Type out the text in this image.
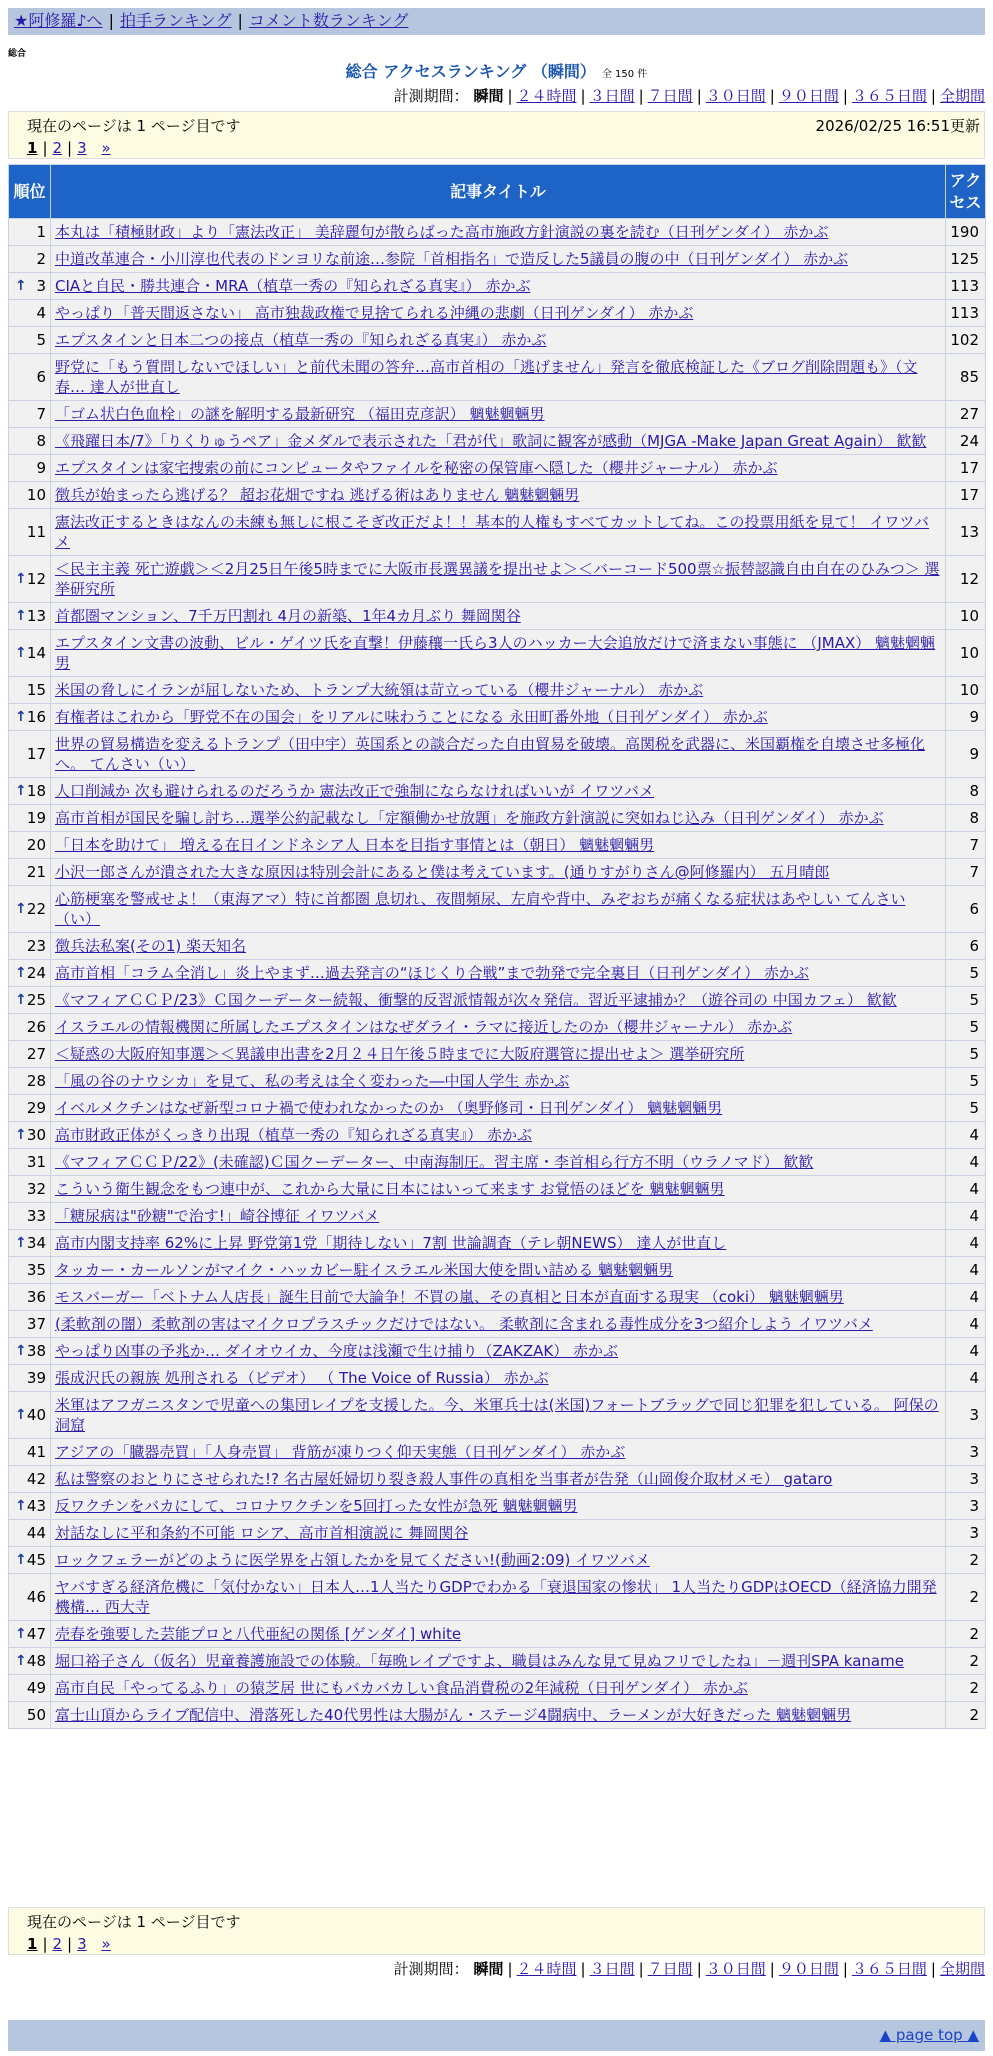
★阿修羅♪へ | 拍手ランキング | コメント数ランキング
総合
総合 アクセスランキング （瞬間） 全 150 件
計測期間： 瞬間 | ２４時間 | ３日間 | ７日間 | ３０日間 | ９０日間 | ３６５日間 | 全期間
現在のページは 1 ページ目です	2026/02/25 16:51更新
1 | 2 | 3 »
順位	記事タイトル	アクセス
1	本丸は「積極財政」より「憲法改正」 美辞麗句が散らばった高市施政方針演説の裏を読む（日刊ゲンダイ） 赤かぶ	190
2	中道改革連合・小川淳也代表のドンヨリな前途…参院「首相指名」で造反した5議員の腹の中（日刊ゲンダイ） 赤かぶ	125

↑ 3	CIAと自民・勝共連合・MRA（植草一秀の『知られざる真実』） 赤かぶ	113
4	やっぱり「普天間返さない」 高市独裁政権で見捨てられる沖縄の悲劇（日刊ゲンダイ） 赤かぶ	113
5	エプスタインと日本二つの接点（植草一秀の『知られざる真実』） 赤かぶ	102
6	野党に「もう質問しないでほしい」と前代未聞の答弁…高市首相の「逃げません」発言を徹底検証した《ブログ削除問題も》（文春… 達人が世直し	85
7	「ゴム状白色血栓」の謎を解明する最新研究 （福田克彦訳） 魑魅魍魎男	27
8	《飛躍日本/7》「りくりゅうペア」金メダルで表示された「君が代」歌詞に観客が感動（MJGA -Make Japan Great Again） 歓歓	24
9	エプスタインは家宅捜索の前にコンピュータやファイルを秘密の保管庫へ隠した（櫻井ジャーナル） 赤かぶ	17
10	徴兵が始まったら逃げる？ 超お花畑ですね 逃げる術はありません 魑魅魍魎男	17
11	憲法改正するときはなんの未練も無しに根こそぎ改正だよ！！基本的人権もすべてカットしてね。この投票用紙を見て！ イワツバメ	13

↑ 12	＜民主主義 死亡遊戯＞＜2月25日午後5時までに大阪市長選異議を提出せよ＞＜バーコード500票☆振替認識自由自在のひみつ＞ 選挙研究所	12

↑ 13	首都圏マンション、7千万円割れ 4月の新築、1年4カ月ぶり 舞岡関谷	10

↑ 14	エプスタイン文書の波動、ビル・ゲイツ氏を直撃！伊藤穰一氏ら3人のハッカー大会追放だけで済まない事態に （JMAX） 魑魅魍魎男	10
15	米国の脅しにイランが屈しないため、トランプ大統領は苛立っている（櫻井ジャーナル） 赤かぶ	10

↑ 16	有権者はこれから「野党不在の国会」をリアルに味わうことになる 永田町番外地（日刊ゲンダイ） 赤かぶ	9
17	世界の貿易構造を変えるトランプ（田中宇）英国系との談合だった自由貿易を破壊。高関税を武器に、米国覇権を自壊させ多極化へ。 てんさい（い）	9

↑ 18	人口削減か 次も避けられるのだろうか 憲法改正で強制にならなければいいが イワツバメ	8
19	高市首相が国民を騙し討ち…選挙公約記載なし「定額働かせ放題」を施政方針演説に突如ねじ込み（日刊ゲンダイ） 赤かぶ	8
20	「日本を助けて」 増える在日インドネシア人 日本を目指す事情とは（朝日） 魑魅魍魎男	7
21	小沢一郎さんが潰された大きな原因は特別会計にあると僕は考えています。(通りすがりさん@阿修羅内） 五月晴郎	7

↑ 22	心筋梗塞を警戒せよ！（東海アマ）特に首都圏 息切れ、夜間頻尿、左肩や背中、みぞおちが痛くなる症状はあやしい てんさい（い）	6
23	徴兵法私案(その1) 楽天知名	6

↑ 24	高市首相「コラム全消し」炎上やまず…過去発言の“ほじくり合戦”まで勃発で完全裏目（日刊ゲンダイ） 赤かぶ	5

↑ 25	《マフィアＣＣＰ/23》Ｃ国クーデーター続報、衝撃的反習派情報が次々発信。習近平逮捕か？（遊谷司の 中国カフェ） 歓歓	5
26	イスラエルの情報機関に所属したエプスタインはなぜダライ・ラマに接近したのか（櫻井ジャーナル） 赤かぶ	5
27	＜疑惑の大阪府知事選＞＜異議申出書を2月２４日午後５時までに大阪府選管に提出せよ＞ 選挙研究所	5
28	「風の谷のナウシカ」を見て、私の考えは全く変わった―中国人学生 赤かぶ	5
29	イベルメクチンはなぜ新型コロナ禍で使われなかったのか （奥野修司・日刊ゲンダイ） 魑魅魍魎男	5

↑ 30	高市財政正体がくっきり出現（植草一秀の『知られざる真実』） 赤かぶ	4
31	《マフィアＣＣＰ/22》(未確認)Ｃ国クーデーター、中南海制圧。習主席・李首相ら行方不明（ウラノマド） 歓歓	4
32	こういう衛生観念をもつ連中が、これから大量に日本にはいって来ます お覚悟のほどを 魑魅魍魎男	4
33	「糖尿病は"砂糖"で治す!」崎谷博征 イワツバメ	4

↑ 34	高市内閣支持率 62%に上昇 野党第1党「期待しない」7割 世論調査（テレ朝NEWS） 達人が世直し	4
35	タッカー・カールソンがマイク・ハッカビー駐イスラエル米国大使を問い詰める 魑魅魍魎男	4
36	モスバーガー「ベトナム人店長」誕生目前で大論争！不買の嵐、その真相と日本が直面する現実 （coki） 魑魅魍魎男	4
37	(柔軟剤の闇）柔軟剤の害はマイクロプラスチックだけではない。 柔軟剤に含まれる毒性成分を3つ紹介しよう イワツバメ	4

↑ 38	やっぱり凶事の予兆か… ダイオウイカ、今度は浅瀬で生け捕り（ZAKZAK） 赤かぶ	4
39	張成沢氏の親族 処刑される（ビデオ） （ The Voice of Russia） 赤かぶ	4

↑ 40	米軍はアフガニスタンで児童への集団レイプを支援した。今、米軍兵士は(米国)フォートブラッグで同じ犯罪を犯している。 阿保の洞窟	3
41	アジアの「臓器売買」「人身売買」 背筋が凍りつく仰天実態（日刊ゲンダイ） 赤かぶ	3
42	私は警察のおとりにさせられた!? 名古屋妊婦切り裂き殺人事件の真相を当事者が告発（山岡俊介取材メモ） gataro	3

↑ 43	反ワクチンをバカにして、コロナワクチンを5回打った女性が急死 魑魅魍魎男	3
44	対話なしに平和条約不可能 ロシア、高市首相演説に 舞岡関谷	3

↑ 45	ロックフェラーがどのように医学界を占領したかを見てください!(動画2:09) イワツバメ	2
46	ヤバすぎる経済危機に「気付かない」日本人…1人当たりGDPでわかる「衰退国家の惨状」 1人当たりGDPはOECD（経済協力開発機構… 西大寺	2

↑ 47	売春を強要した芸能プロと八代亜紀の関係 [ゲンダイ] white	2

↑ 48	堀口裕子さん（仮名）児童養護施設での体験。「毎晩レイプですよ、職員はみんな見て見ぬフリでしたね」－週刊SPA kaname	2
49	高市自民「やってるふり」の猿芝居 世にもバカバカしい食品消費税の2年減税（日刊ゲンダイ） 赤かぶ	2
50	富士山頂からライブ配信中、滑落死した40代男性は大腸がん・ステージ4闘病中、ラーメンが大好きだった 魑魅魍魎男	2
現在のページは 1 ページ目です
1 | 2 | 3 »
計測期間： 瞬間 | ２４時間 | ３日間 | ７日間 | ３０日間 | ９０日間 | ３６５日間 | 全期間
▲ page top ▲
